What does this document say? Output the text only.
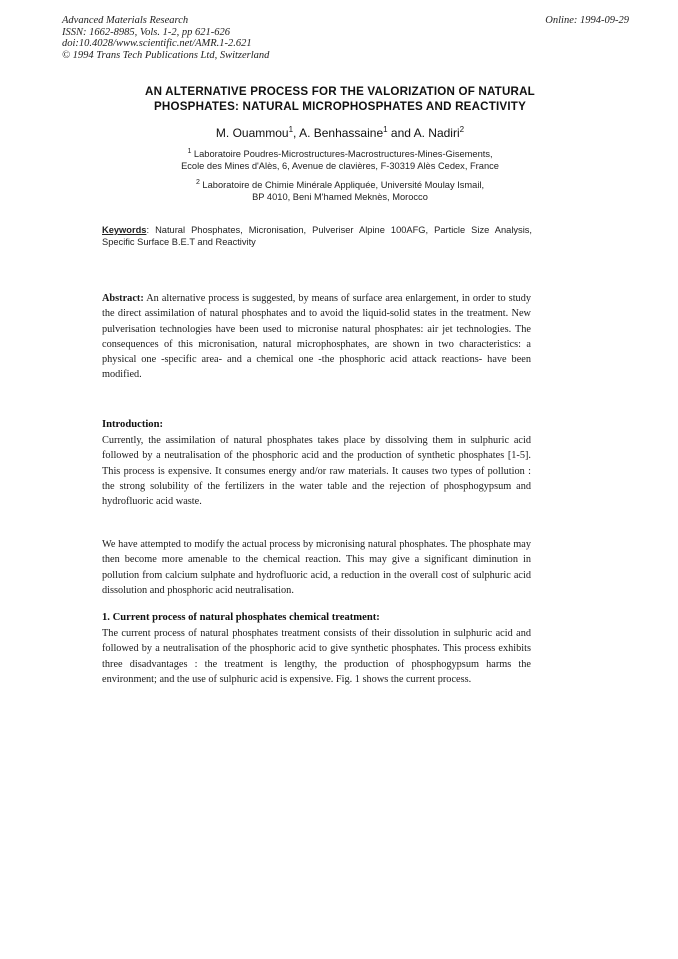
Advanced Materials Research
ISSN: 1662-8985, Vols. 1-2, pp 621-626
doi:10.4028/www.scientific.net/AMR.1-2.621
© 1994 Trans Tech Publications Ltd, Switzerland
Online: 1994-09-29
AN ALTERNATIVE PROCESS FOR THE VALORIZATION OF NATURAL
PHOSPHATES: NATURAL MICROPHOSPHATES AND REACTIVITY
M. Ouammou$^1$, A. Benhassaine$^1$ and A. Nadiri$^2$
$^1$ Laboratoire Poudres-Microstructures-Macrostructures-Mines-Gisements,
Ecole des Mines d'Alès, 6, Avenue de clavières, F-30319 Alès Cedex, France
$^2$ Laboratoire de Chimie Minérale Appliquée, Université Moulay Ismail,
BP 4010, Beni M'hamed Meknès, Morocco
Keywords: Natural Phosphates, Micronisation, Pulveriser Alpine 100AFG, Particle Size Analysis, Specific Surface B.E.T and Reactivity
Abstract: An alternative process is suggested, by means of surface area enlargement, in order to study the direct assimilation of natural phosphates and to avoid the liquid-solid states in the treatment. New pulverisation technologies have been used to micronise natural phosphates: air jet technologies. The consequences of this micronisation, natural microphosphates, are shown in two characteristics: a physical one -specific area- and a chemical one -the phosphoric acid attack reactions- have been modified.
Introduction:
Currently, the assimilation of natural phosphates takes place by dissolving them in sulphuric acid followed by a neutralisation of the phosphoric acid and the production of synthetic phosphates [1-5]. This process is expensive. It consumes energy and/or raw materials. It causes two types of pollution : the strong solubility of the fertilizers in the water table and the rejection of phosphogypsum and hydrofluoric acid waste.
We have attempted to modify the actual process by micronising natural phosphates. The phosphate may then become more amenable to the chemical reaction. This may give a significant diminution in pollution from calcium sulphate and hydrofluoric acid, a reduction in the overall cost of sulphuric acid dissolution and phosphoric acid neutralisation.
1. Current process of natural phosphates chemical treatment:
The current process of natural phosphates treatment consists of their dissolution in sulphuric acid and followed by a neutralisation of the phosphoric acid to give synthetic phosphates. This process exhibits three disadvantages : the treatment is lengthy, the production of phosphogypsum harms the environment; and the use of sulphuric acid is expensive. Fig. 1 shows the current process.
